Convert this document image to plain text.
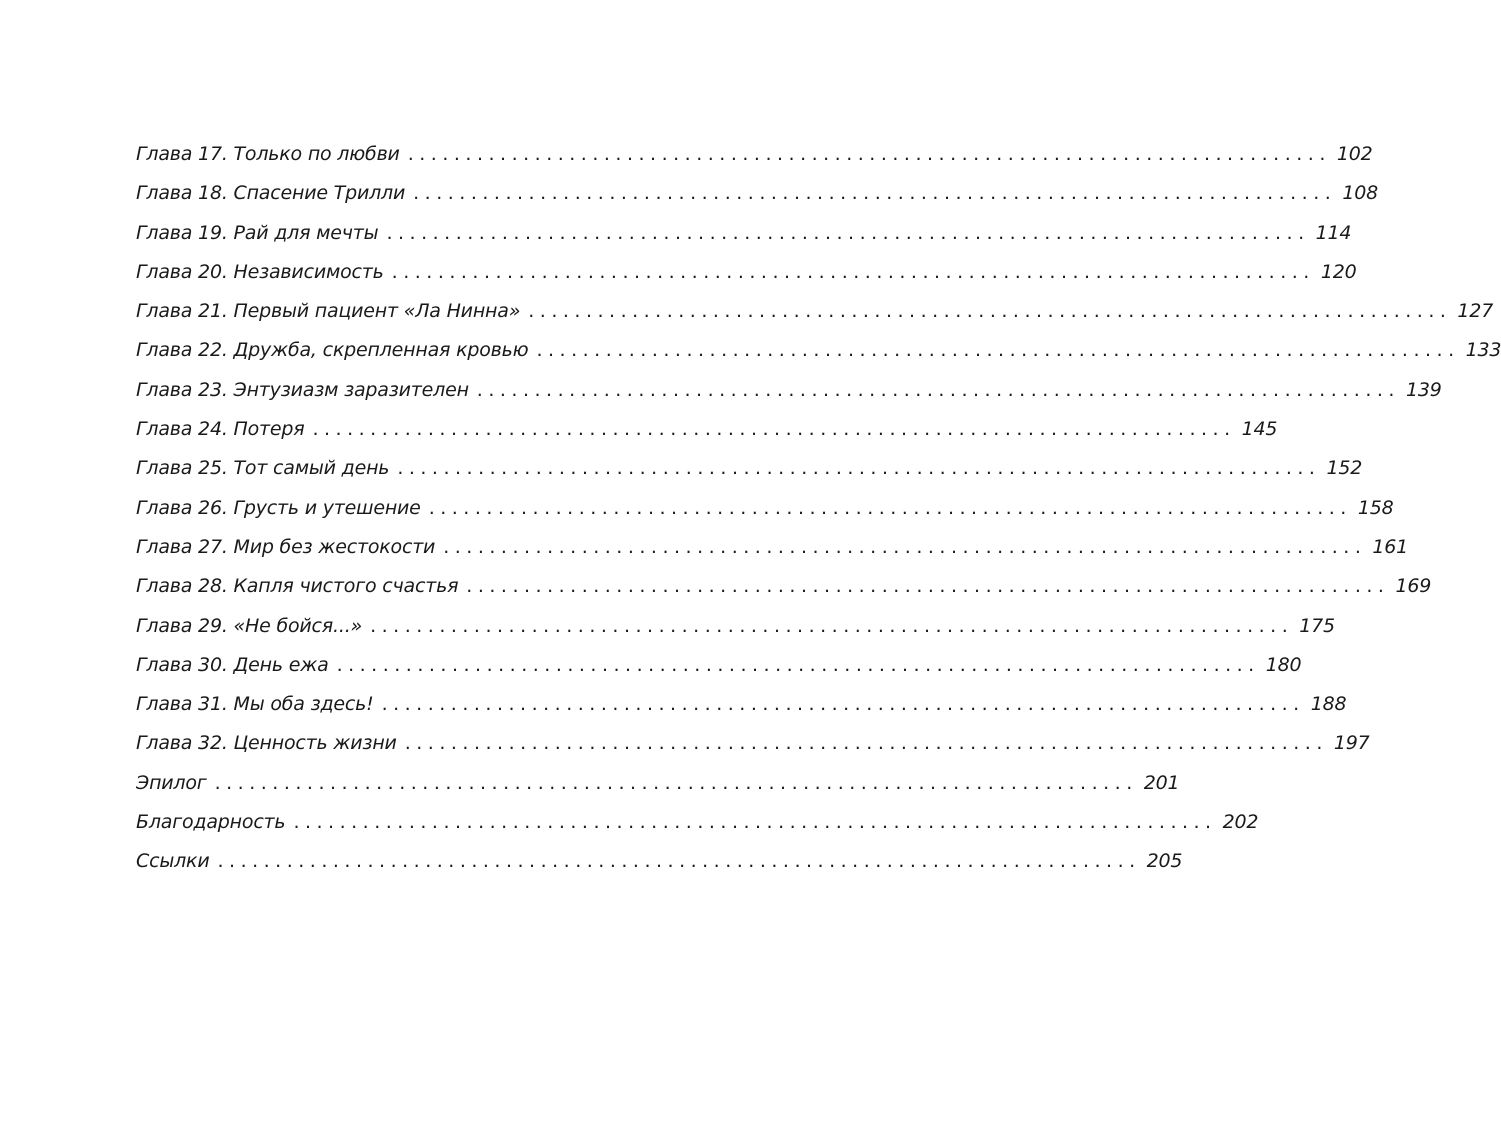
Глава 17. Только по любви ................................................................................ 102
Глава 18. Спасение Трилли ................................................................................ 108
Глава 19. Рай для мечты ................................................................................ 114
Глава 20. Независимость ................................................................................ 120
Глава 21. Первый пациент «Ла Нинна» ................................................................................ 127
Глава 22. Дружба, скрепленная кровью ................................................................................ 133
Глава 23. Энтузиазм заразителен ................................................................................ 139
Глава 24. Потеря ................................................................................ 145
Глава 25. Тот самый день ................................................................................ 152
Глава 26. Грусть и утешение ................................................................................ 158
Глава 27. Мир без жестокости ................................................................................ 161
Глава 28. Капля чистого счастья ................................................................................ 169
Глава 29. «Не бойся...» ................................................................................ 175
Глава 30. День ежа ................................................................................ 180
Глава 31. Мы оба здесь! ................................................................................ 188
Глава 32. Ценность жизни ................................................................................ 197
Эпилог ................................................................................ 201
Благодарность ................................................................................ 202
Ссылки ................................................................................ 205
